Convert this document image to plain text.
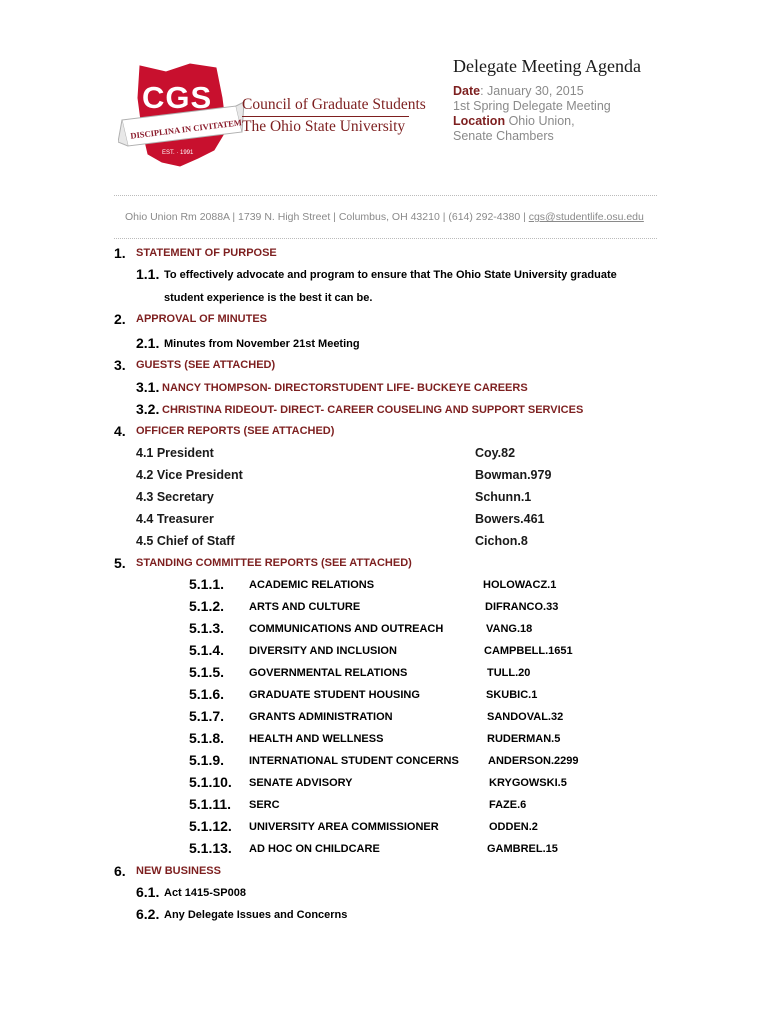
CGS
DISCIPLINA IN CIVITATEM
EST. · 1991
Council of Graduate Students
The Ohio State University
Delegate Meeting Agenda
Date: January 30, 2015
1st Spring Delegate Meeting
Location Ohio Union,
Senate Chambers
Ohio Union Rm 2088A | 1739 N. High Street | Columbus, OH 43210 | (614) 292-4380 | cgs@studentlife.osu.edu
1. STATEMENT OF PURPOSE
1.1. To effectively advocate and program to ensure that The Ohio State University graduate
student experience is the best it can be.
2. APPROVAL OF MINUTES
2.1. Minutes from November 21st Meeting
3. GUESTS (SEE ATTACHED)
3.1. NANCY THOMPSON- DIRECTORSTUDENT LIFE- BUCKEYE CAREERS
3.2. CHRISTINA RIDEOUT- DIRECT- CAREER COUSELING AND SUPPORT SERVICES
4. OFFICER REPORTS (SEE ATTACHED)
4.1 President	Coy.82
4.2 Vice President	Bowman.979
4.3 Secretary	Schunn.1
4.4 Treasurer	Bowers.461
4.5 Chief of Staff	Cichon.8
5. STANDING COMMITTEE REPORTS (SEE ATTACHED)
5.1.1. ACADEMIC RELATIONS	HOLOWACZ.1
5.1.2. ARTS AND CULTURE	DIFRANCO.33
5.1.3. COMMUNICATIONS AND OUTREACH	VANG.18
5.1.4. DIVERSITY AND INCLUSION	CAMPBELL.1651
5.1.5. GOVERNMENTAL RELATIONS	TULL.20
5.1.6. GRADUATE STUDENT HOUSING	SKUBIC.1
5.1.7. GRANTS ADMINISTRATION	SANDOVAL.32
5.1.8. HEALTH AND WELLNESS	RUDERMAN.5
5.1.9. INTERNATIONAL STUDENT CONCERNS	ANDERSON.2299
5.1.10. SENATE ADVISORY	KRYGOWSKI.5
5.1.11. SERC	FAZE.6
5.1.12. UNIVERSITY AREA COMMISSIONER	ODDEN.2
5.1.13. AD HOC ON CHILDCARE	GAMBREL.15
6. NEW BUSINESS
6.1. Act 1415-SP008
6.2. Any Delegate Issues and Concerns
